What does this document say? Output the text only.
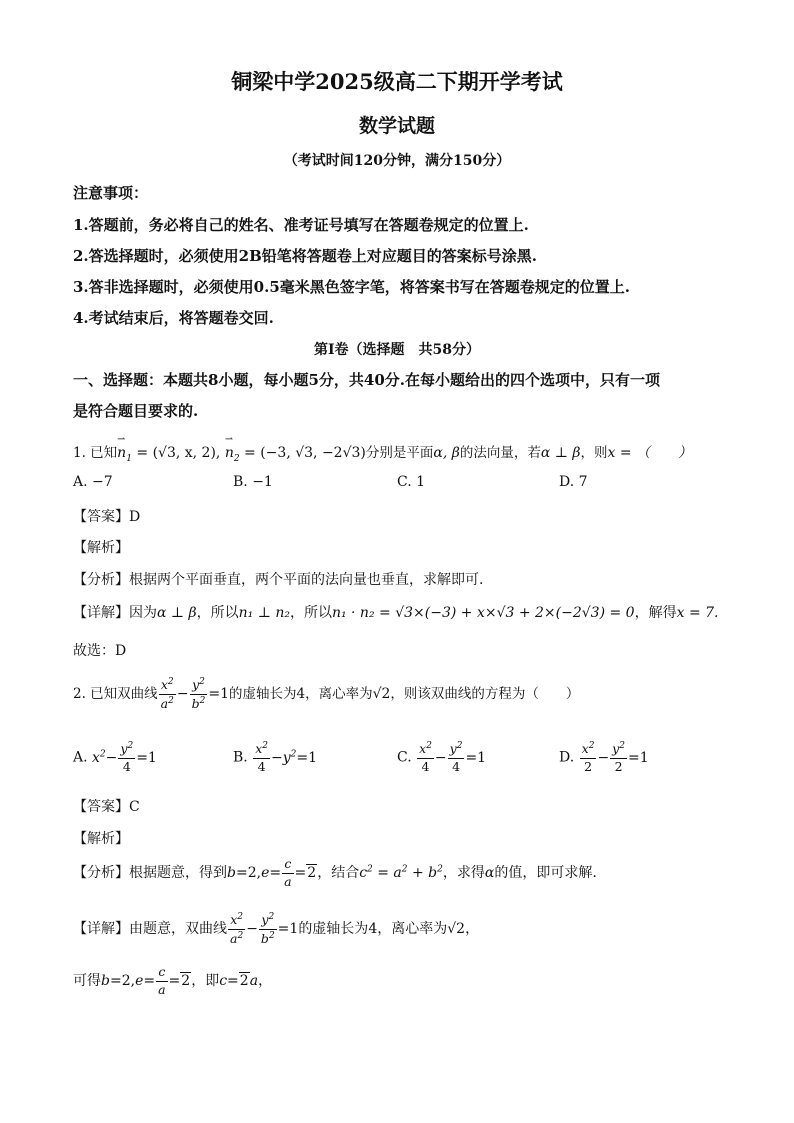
铜梁中学2025级高二下期开学考试
数学试题
（考试时间120分钟，满分150分）
注意事项：
1.答题前，务必将自己的姓名、准考证号填写在答题卷规定的位置上.
2.答选择题时，必须使用2B铅笔将答题卷上对应题目的答案标号涂黑.
3.答非选择题时，必须使用0.5毫米黑色签字笔，将答案书写在答题卷规定的位置上.
4.考试结束后，将答题卷交回.
第Ⅰ卷（选择题　共58分）
一、选择题：本题共8小题，每小题5分，共40分.在每小题给出的四个选项中，只有一项
是符合题目要求的.
1. 已知⇀ $n_1 = (√3$, x, 2), ⇀ $n_2 = (-3$, √3, −2√3)分别是平面α, β的法向量，若α ⊥ β，则x = （　　）
A. −7	B. −1	C. 1	D. 7
【答案】D
【解析】
【分析】根据两个平面垂直，两个平面的法向量也垂直，求解即可.
【详解】因为α ⊥ β，所以n₁ ⊥ n₂，所以n₁ · n₂ = √3×(−3) + x×√3 + 2×(−2√3) = 0，解得x = 7.
故选：D
2. 已知双曲线 $\frac{x^2}{a^2} - \frac{y^2}{b^2} =1$的虚轴长为4，离心率为√2，则该双曲线的方程为（　　）
A. $x^2- \frac{y^2}{4} =1$	B. $\frac{x^2}{4} -y^2=1$	C. $\frac{x^2}{4} - \frac{y^2}{4} =1$	D. $\frac{x^2}{2} - \frac{y^2}{2} =1$
【答案】C
【解析】
【分析】根据题意，得到$b=2,e= \frac{c}{a} =2$，结合$c^2 = a^2 + b^2$，求得α的值，即可求解.
【详解】由题意，双曲线 $\frac{x^2}{a^2} - \frac{y^2}{b^2} =1$的虚轴长为4，离心率为√2，
可得$b=2,e= \frac{c}{a} =2$，即c=2a，
